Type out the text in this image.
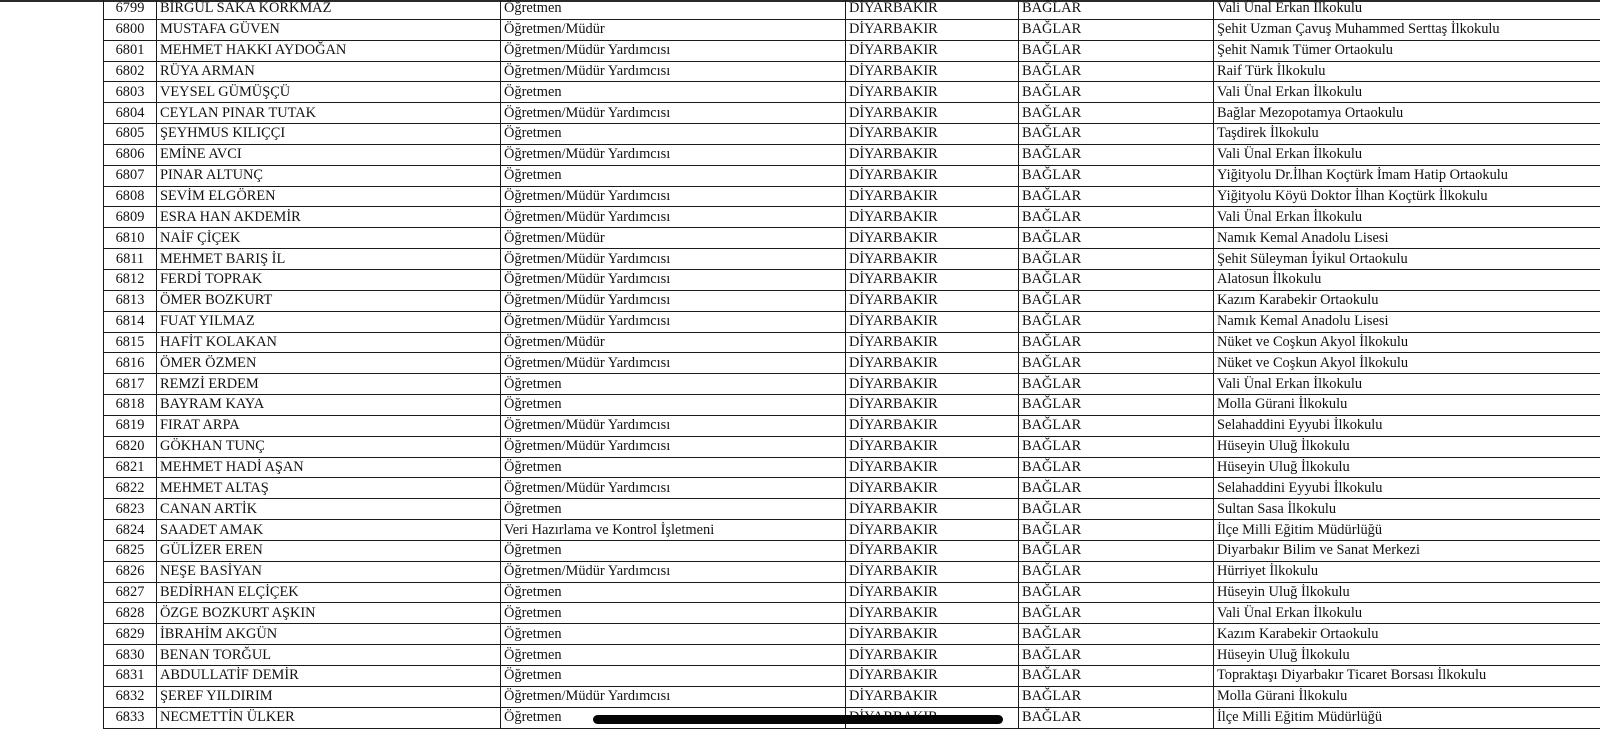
6799	BİRGÜL SAKA KORKMAZ	Öğretmen	DİYARBAKIR	BAĞLAR	Vali Ünal Erkan İlkokulu
6800	MUSTAFA GÜVEN	Öğretmen/Müdür	DİYARBAKIR	BAĞLAR	Şehit Uzman Çavuş Muhammed Serttaş İlkokulu
6801	MEHMET HAKKI AYDOĞAN	Öğretmen/Müdür Yardımcısı	DİYARBAKIR	BAĞLAR	Şehit Namık Tümer Ortaokulu
6802	RÜYA ARMAN	Öğretmen/Müdür Yardımcısı	DİYARBAKIR	BAĞLAR	Raif Türk İlkokulu
6803	VEYSEL GÜMÜŞÇÜ	Öğretmen	DİYARBAKIR	BAĞLAR	Vali Ünal Erkan İlkokulu
6804	CEYLAN PINAR TUTAK	Öğretmen/Müdür Yardımcısı	DİYARBAKIR	BAĞLAR	Bağlar Mezopotamya Ortaokulu
6805	ŞEYHMUS KILIÇÇI	Öğretmen	DİYARBAKIR	BAĞLAR	Taşdirek İlkokulu
6806	EMİNE AVCI	Öğretmen/Müdür Yardımcısı	DİYARBAKIR	BAĞLAR	Vali Ünal Erkan İlkokulu
6807	PINAR ALTUNÇ	Öğretmen	DİYARBAKIR	BAĞLAR	Yiğityolu Dr.İlhan Koçtürk İmam Hatip Ortaokulu
6808	SEVİM ELGÖREN	Öğretmen/Müdür Yardımcısı	DİYARBAKIR	BAĞLAR	Yiğityolu Köyü Doktor İlhan Koçtürk İlkokulu
6809	ESRA HAN AKDEMİR	Öğretmen/Müdür Yardımcısı	DİYARBAKIR	BAĞLAR	Vali Ünal Erkan İlkokulu
6810	NAİF ÇİÇEK	Öğretmen/Müdür	DİYARBAKIR	BAĞLAR	Namık Kemal Anadolu Lisesi
6811	MEHMET BARIŞ İL	Öğretmen/Müdür Yardımcısı	DİYARBAKIR	BAĞLAR	Şehit Süleyman İyikul Ortaokulu
6812	FERDİ TOPRAK	Öğretmen/Müdür Yardımcısı	DİYARBAKIR	BAĞLAR	Alatosun İlkokulu
6813	ÖMER BOZKURT	Öğretmen/Müdür Yardımcısı	DİYARBAKIR	BAĞLAR	Kazım Karabekir Ortaokulu
6814	FUAT YILMAZ	Öğretmen/Müdür Yardımcısı	DİYARBAKIR	BAĞLAR	Namık Kemal Anadolu Lisesi
6815	HAFİT KOLAKAN	Öğretmen/Müdür	DİYARBAKIR	BAĞLAR	Nüket ve Coşkun Akyol İlkokulu
6816	ÖMER ÖZMEN	Öğretmen/Müdür Yardımcısı	DİYARBAKIR	BAĞLAR	Nüket ve Coşkun Akyol İlkokulu
6817	REMZİ ERDEM	Öğretmen	DİYARBAKIR	BAĞLAR	Vali Ünal Erkan İlkokulu
6818	BAYRAM KAYA	Öğretmen	DİYARBAKIR	BAĞLAR	Molla Gürani İlkokulu
6819	FIRAT ARPA	Öğretmen/Müdür Yardımcısı	DİYARBAKIR	BAĞLAR	Selahaddini Eyyubi İlkokulu
6820	GÖKHAN TUNÇ	Öğretmen/Müdür Yardımcısı	DİYARBAKIR	BAĞLAR	Hüseyin Uluğ İlkokulu
6821	MEHMET HADİ AŞAN	Öğretmen	DİYARBAKIR	BAĞLAR	Hüseyin Uluğ İlkokulu
6822	MEHMET ALTAŞ	Öğretmen/Müdür Yardımcısı	DİYARBAKIR	BAĞLAR	Selahaddini Eyyubi İlkokulu
6823	CANAN ARTİK	Öğretmen	DİYARBAKIR	BAĞLAR	Sultan Sasa İlkokulu
6824	SAADET AMAK	Veri Hazırlama ve Kontrol İşletmeni	DİYARBAKIR	BAĞLAR	İlçe Milli Eğitim Müdürlüğü
6825	GÜLİZER EREN	Öğretmen	DİYARBAKIR	BAĞLAR	Diyarbakır Bilim ve Sanat Merkezi
6826	NEŞE BASİYAN	Öğretmen/Müdür Yardımcısı	DİYARBAKIR	BAĞLAR	Hürriyet İlkokulu
6827	BEDİRHAN ELÇİÇEK	Öğretmen	DİYARBAKIR	BAĞLAR	Hüseyin Uluğ İlkokulu
6828	ÖZGE BOZKURT AŞKIN	Öğretmen	DİYARBAKIR	BAĞLAR	Vali Ünal Erkan İlkokulu
6829	İBRAHİM AKGÜN	Öğretmen	DİYARBAKIR	BAĞLAR	Kazım Karabekir Ortaokulu
6830	BENAN TORĞUL	Öğretmen	DİYARBAKIR	BAĞLAR	Hüseyin Uluğ İlkokulu
6831	ABDULLATİF DEMİR	Öğretmen	DİYARBAKIR	BAĞLAR	Topraktaşı Diyarbakır Ticaret Borsası İlkokulu
6832	ŞEREF YILDIRIM	Öğretmen/Müdür Yardımcısı	DİYARBAKIR	BAĞLAR	Molla Gürani İlkokulu
6833	NECMETTİN ÜLKER	Öğretmen		BAĞLAR	İlçe Milli Eğitim Müdürlüğü
